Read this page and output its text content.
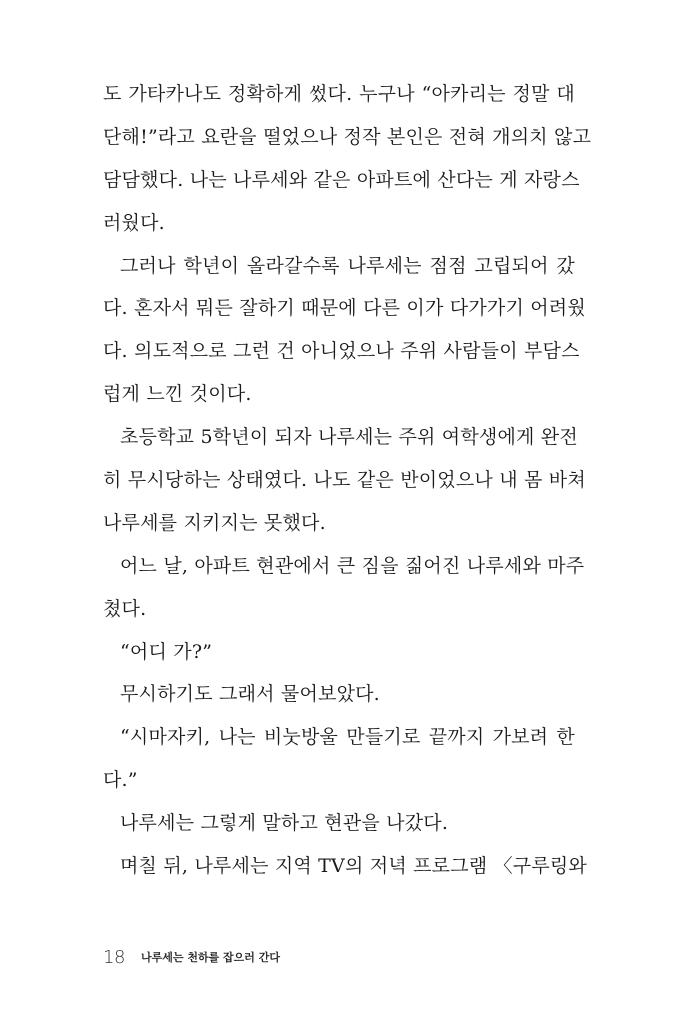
도 가타카나도 정확하게 썼다. 누구나 “아카리는 정말 대
단해!”라고 요란을 떨었으나 정작 본인은 전혀 개의치 않고
담담했다. 나는 나루세와 같은 아파트에 산다는 게 자랑스
러웠다.
그러나 학년이 올라갈수록 나루세는 점점 고립되어 갔
다. 혼자서 뭐든 잘하기 때문에 다른 이가 다가가기 어려웠
다. 의도적으로 그런 건 아니었으나 주위 사람들이 부담스
럽게 느낀 것이다.
초등학교 5학년이 되자 나루세는 주위 여학생에게 완전
히 무시당하는 상태였다. 나도 같은 반이었으나 내 몸 바쳐
나루세를 지키지는 못했다.
어느 날, 아파트 현관에서 큰 짐을 짊어진 나루세와 마주
쳤다.
“어디 가?”
무시하기도 그래서 물어보았다.
“시마자키, 나는 비눗방울 만들기로 끝까지 가보려 한
다.”
나루세는 그렇게 말하고 현관을 나갔다.
며칠 뒤, 나루세는 지역 TV의 저녁 프로그램 〈구루링와
18	나루세는 천하를 잡으러 간다
